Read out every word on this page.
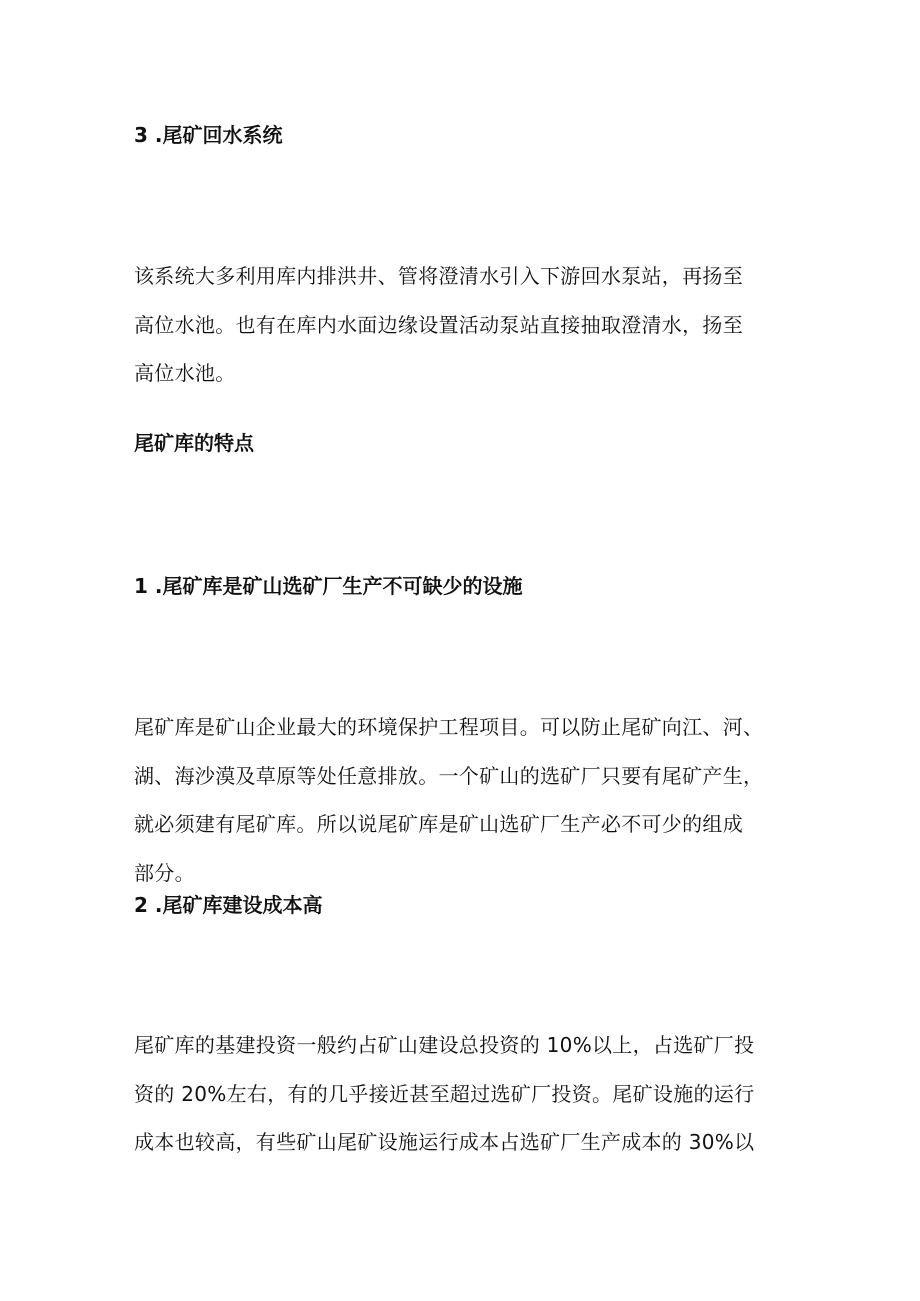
3 .尾矿回水系统
该系统大多利用库内排洪井、管将澄清水引入下游回水泵站，再扬至
高位水池。也有在库内水面边缘设置活动泵站直接抽取澄清水，扬至
高位水池。
尾矿库的特点
1 .尾矿库是矿山选矿厂生产不可缺少的设施
尾矿库是矿山企业最大的环境保护工程项目。可以防止尾矿向江、河、
湖、海沙漠及草原等处任意排放。一个矿山的选矿厂只要有尾矿产生，
就必须建有尾矿库。所以说尾矿库是矿山选矿厂生产必不可少的组成
部分。
2 .尾矿库建设成本高
尾矿库的基建投资一般约占矿山建设总投资的 10%以上，占选矿厂投
资的 20%左右，有的几乎接近甚至超过选矿厂投资。尾矿设施的运行
成本也较高，有些矿山尾矿设施运行成本占选矿厂生产成本的 30%以
